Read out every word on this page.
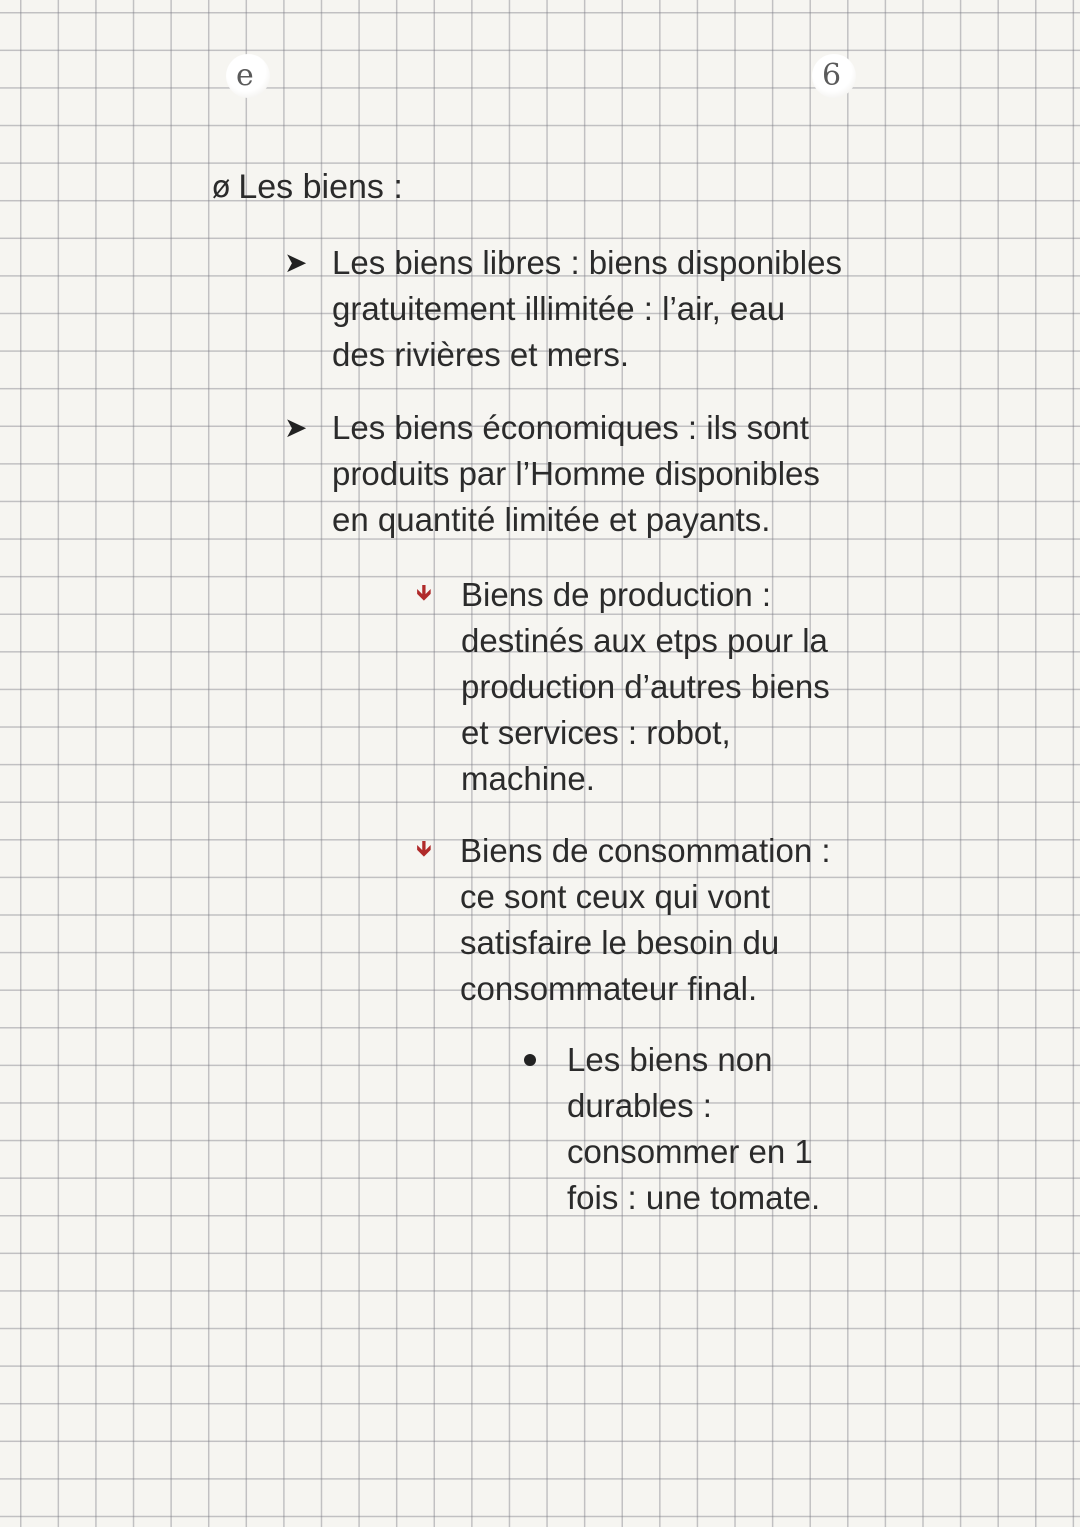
e	6
ø Les biens :
➤ Les biens libres : biens disponibles
gratuitement illimitée : l’air, eau
des rivières et mers.
➤ Les biens économiques : ils sont
produits par l’Homme disponibles
en quantité limitée et payants.
🡻 Biens de production :
destinés aux etps pour la
production d’autres biens
et services : robot,
machine.
🡻 Biens de consommation :
ce sont ceux qui vont
satisfaire le besoin du
consommateur final.
Les biens non
durables :
consommer en 1
fois : une tomate.
